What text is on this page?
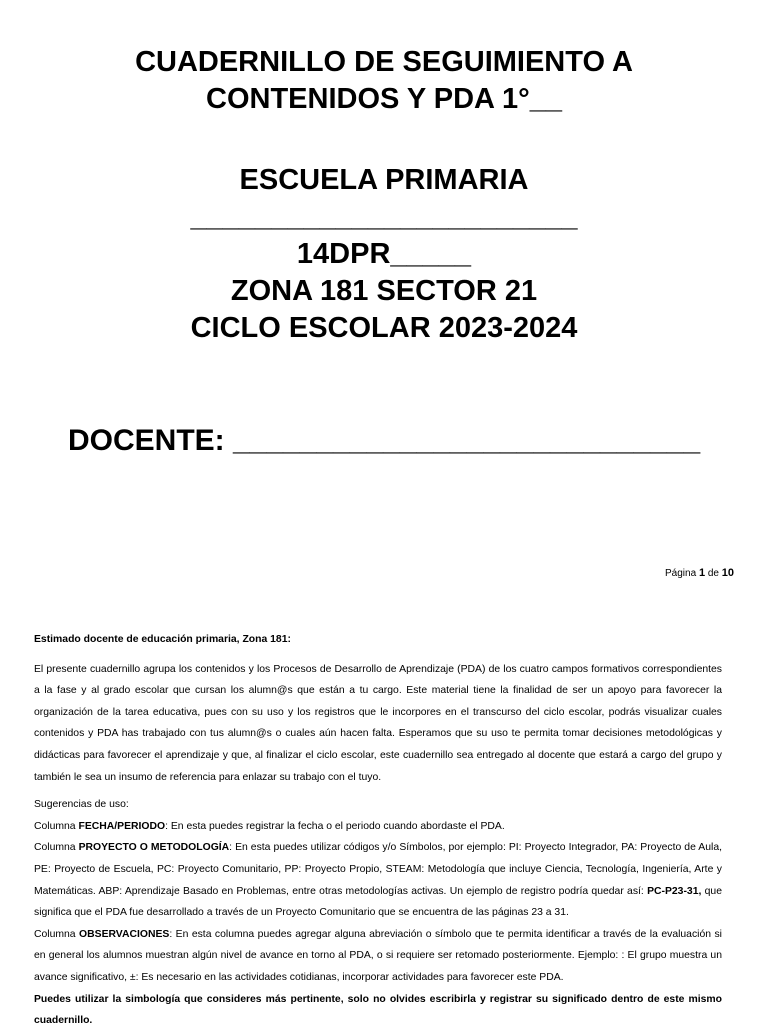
CUADERNILLO DE SEGUIMIENTO A
CONTENIDOS Y PDA 1°__
ESCUELA PRIMARIA
________________________
14DPR_____
ZONA 181 SECTOR 21
CICLO ESCOLAR 2023-2024
DOCENTE: ____________________________
Página 1 de 10

Estimado docente de educación primaria, Zona 181:

El presente cuadernillo agrupa los contenidos y los Procesos de Desarrollo de Aprendizaje (PDA) de los cuatro campos formativos correspondientes a la fase y al grado escolar que cursan los alumn@s que están a tu cargo. Este material tiene la finalidad de ser un apoyo para favorecer la organización de la tarea educativa, pues con su uso y los registros que le incorpores en el transcurso del ciclo escolar, podrás visualizar cuales contenidos y PDA has trabajado con tus alumn@s o cuales aún hacen falta. Esperamos que su uso te permita tomar decisiones metodológicas y didácticas para favorecer el aprendizaje y que, al finalizar el ciclo escolar, este cuadernillo sea entregado al docente que estará a cargo del grupo y también le sea un insumo de referencia para enlazar su trabajo con el tuyo.

Sugerencias de uso:

Columna FECHA/PERIODO: En esta puedes registrar la fecha o el periodo cuando abordaste el PDA.

Columna PROYECTO O METODOLOGÍA: En esta puedes utilizar códigos y/o Símbolos, por ejemplo: PI: Proyecto Integrador, PA: Proyecto de Aula, PE: Proyecto de Escuela, PC: Proyecto Comunitario, PP: Proyecto Propio, STEAM: Metodología que incluye Ciencia, Tecnología, Ingeniería, Arte y Matemáticas. ABP: Aprendizaje Basado en Problemas, entre otras metodologías activas. Un ejemplo de registro podría quedar así: PC-P23-31, que significa que el PDA fue desarrollado a través de un Proyecto Comunitario que se encuentra de las páginas 23 a 31.

Columna OBSERVACIONES: En esta columna puedes agregar alguna abreviación o símbolo que te permita identificar a través de la evaluación si en general los alumnos muestran algún nivel de avance en torno al PDA, o si requiere ser retomado posteriormente. Ejemplo: : El grupo muestra un avance significativo, ±: Es necesario en las actividades cotidianas, incorporar actividades para favorecer este PDA.

Puedes utilizar la simbología que consideres más pertinente, solo no olvides escribirla y registrar su significado dentro de este mismo cuadernillo.
